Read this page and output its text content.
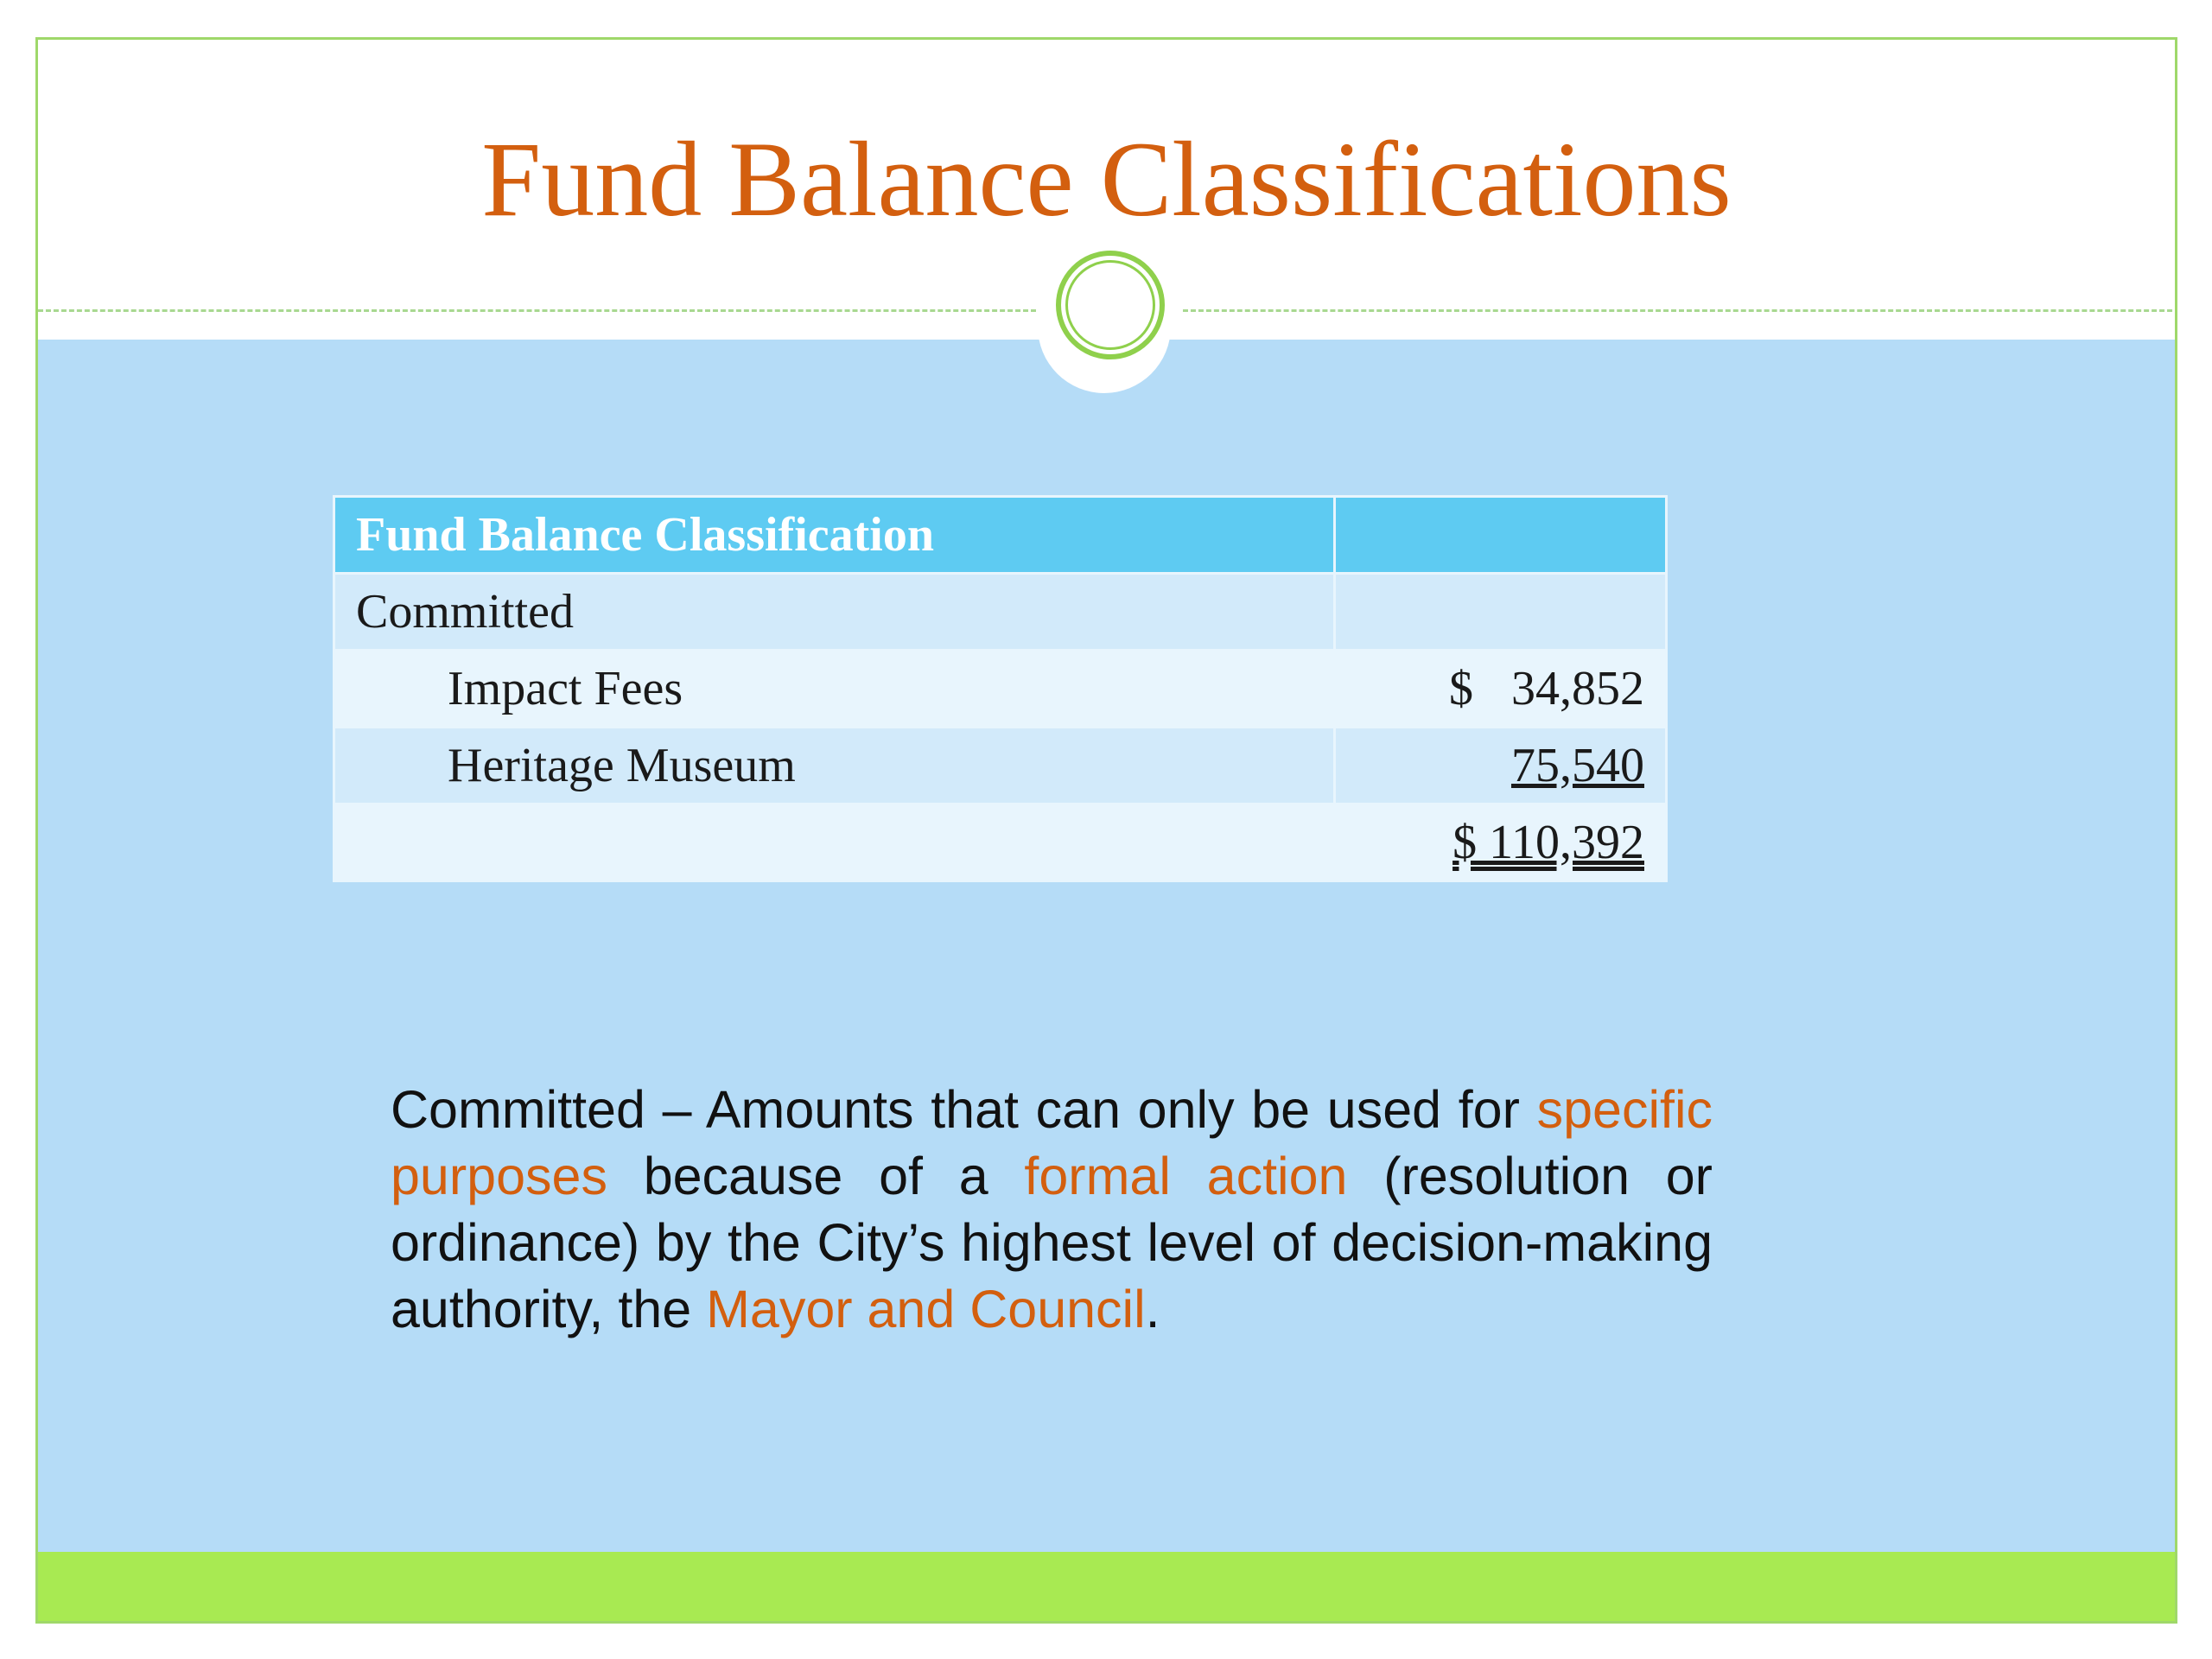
Fund Balance Classifications
Fund Balance Classification	
Committed	
Impact Fees	$ 34,852
Heritage Museum	75,540
	$ 110,392

Committed – Amounts that can only be used for specific purposes because of a formal action (resolution or ordinance) by the City’s highest level of decision-making authority, the Mayor and Council.
